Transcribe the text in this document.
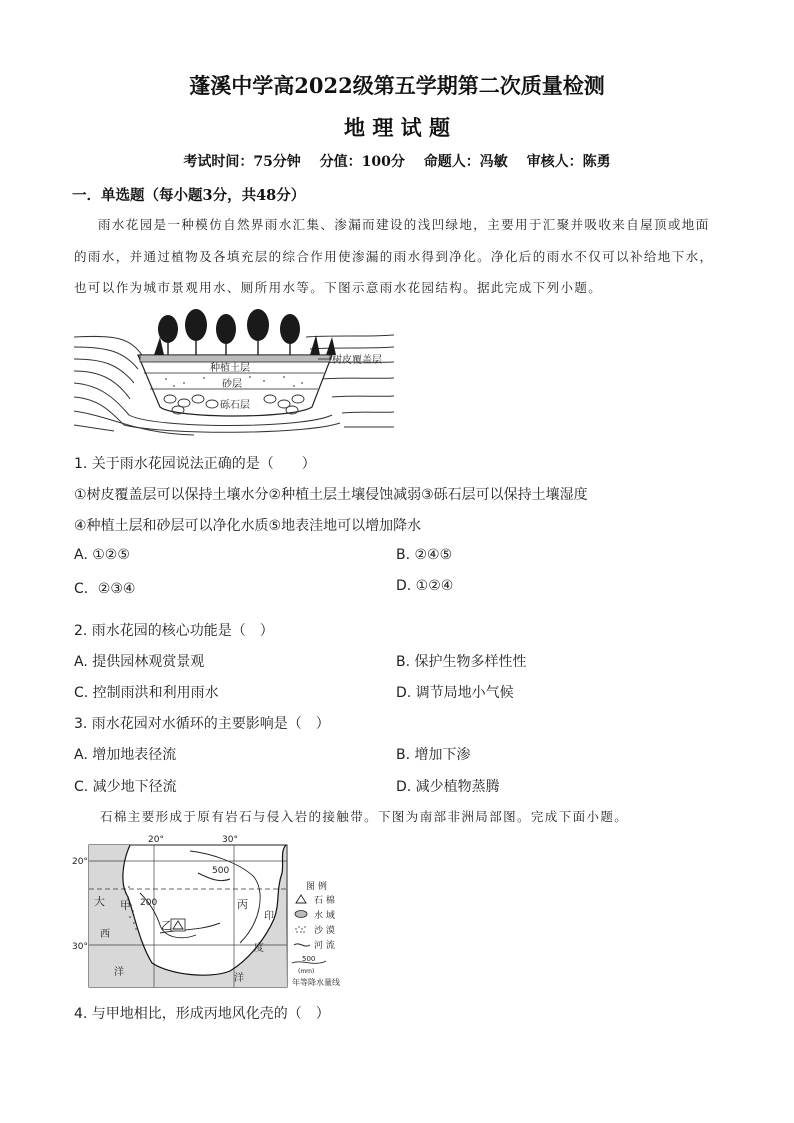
蓬溪中学高2022级第五学期第二次质量检测
地 理 试 题
考试时间：75分钟　 分值：100分　 命题人：冯敏　 审核人：陈勇
一．单选题（每小题3分，共48分）
雨水花园是一种模仿自然界雨水汇集、渗漏而建设的浅凹绿地，主要用于汇聚并吸收来自屋顶或地面
的雨水，并通过植物及各填充层的综合作用使渗漏的雨水得到净化。净化后的雨水不仅可以补给地下水，
也可以作为城市景观用水、厕所用水等。下图示意雨水花园结构。据此完成下列小题。
树皮覆盖层
种植土层
砂层
砾石层
1. 关于雨水花园说法正确的是（　　）
①树皮覆盖层可以保持土壤水分②种植土层土壤侵蚀减弱③砾石层可以保持土壤湿度
④种植土层和砂层可以净化水质⑤地表洼地可以增加降水
A. ①②⑤	B. ②④⑤
C．②③④	D. ①②④
2. 雨水花园的核心功能是（　）
A. 提供园林观赏景观	B. 保护生物多样性性
C. 控制雨洪和利用雨水	D. 调节局地小气候
3. 雨水花园对水循环的主要影响是（　）
A. 增加地表径流	B. 增加下渗
C. 减少地下径流	D. 减少植物蒸腾
石棉主要形成于原有岩石与侵入岩的接触带。下图为南部非洲局部图。完成下面小题。
20°	30°
20°
30°
大
西
洋
甲
乙
丙
印
度
洋
500
200
图 例
石 棉
水 域
沙 漠
河 流
500
(mm)
年等降水量线
4. 与甲地相比，形成丙地风化壳的（　）
